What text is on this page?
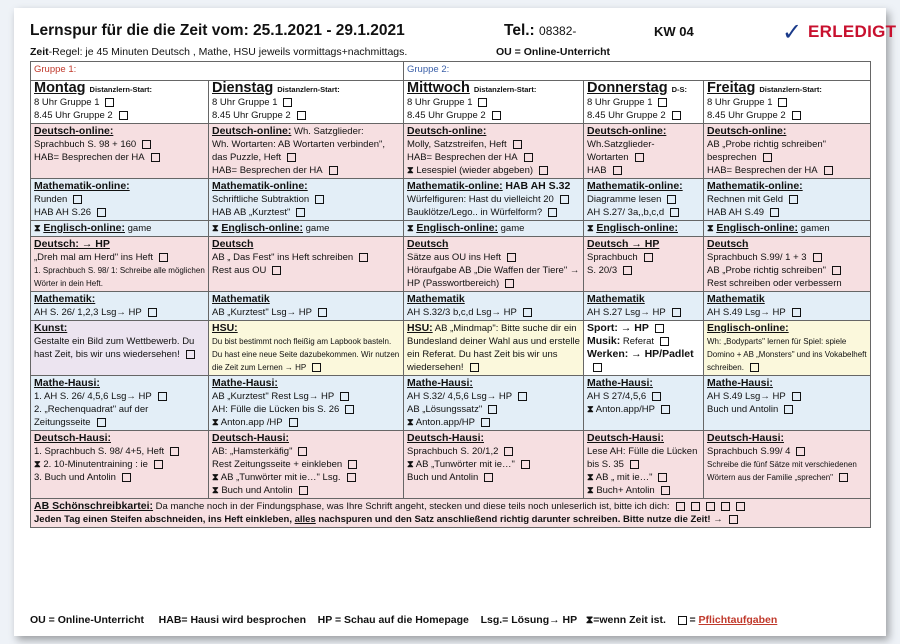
Lernspur für die die Zeit vom: 25.1.2021 - 29.1.2021	Tel.: 08382-	KW 04	✓ ERLEDIGT
Zeit-Regel: je 45 Minuten Deutsch , Mathe, HSU jeweils vormittags+nachmittags.	OU = Online-Unterricht
Gruppe 1:		Gruppe 2:		
Montag Distanzlern-Start:
8 Uhr Gruppe 1
8.45 Uhr Gruppe 2	Dienstag Distanzlern-Start:
8 Uhr Gruppe 1
8.45 Uhr Gruppe 2	Mittwoch Distanzlern-Start:
8 Uhr Gruppe 1
8.45 Uhr Gruppe 2	Donnerstag D-S:
8 Uhr Gruppe 1
8.45 Uhr Gruppe 2	Freitag Distanzlern-Start:
8 Uhr Gruppe 1
8.45 Uhr Gruppe 2
Deutsch-online:
Sprachbuch S. 98 + 160
HAB= Besprechen der HA	Deutsch-online: Wh. Satzglieder:
Wh. Wortarten: AB Wortarten verbinden", das Puzzle, Heft
HAB= Besprechen der HA	Deutsch-online:
Molly, Satzstreifen, Heft
HAB= Besprechen der HA
⧗ Lesespiel (wieder abgeben)	Deutsch-online:
Wh.Satzglieder-
Wortarten
HAB	Deutsch-online:
AB „Probe richtig schreiben"
besprechen
HAB= Besprechen der HA
Mathematik-online:
Runden
HAB AH S.26	Mathematik-online:
Schriftliche Subtraktion
HAB AB „Kurztest"	Mathematik-online: HAB AH S.32
Würfelfiguren: Hast du vielleicht 20
Bauklötze/Lego.. in Würfelform?	Mathematik-online:
Diagramme lesen
AH S.27/ 3a,,b,c,d	Mathematik-online:
Rechnen mit Geld
HAB AH S.49
⧗ Englisch-online: game	⧗ Englisch-online: game	⧗ Englisch-online: game	⧗ Englisch-online:	⧗ Englisch-online: gamen
Deutsch: → HP
„Dreh mal am Herd" ins Heft
1. Sprachbuch S. 98/ 1: Schreibe alle möglichen Wörter in dein Heft.	Deutsch
AB „ Das Fest" ins Heft schreiben
Rest aus OU	Deutsch
Sätze aus OU ins Heft
Höraufgabe AB „Die Waffen der Tiere" → HP (Passwortbereich)	Deutsch → HP
Sprachbuch
S. 20/3	Deutsch
Sprachbuch S.99/ 1 + 3
AB „Probe richtig schreiben"
Rest schreiben oder verbessern
Mathematik:
AH S. 26/ 1,2,3 Lsg→ HP	Mathematik
AB „Kurztest" Lsg→ HP	Mathematik
AH S.32/3 b,c,d Lsg→ HP	Mathematik
AH S.27 Lsg→ HP	Mathematik
AH S.49 Lsg→ HP
Kunst:
Gestalte ein Bild zum Wettbewerb. Du hast Zeit, bis wir uns wiedersehen!	HSU:
Du bist bestimmt noch fleißig am Lapbook basteln. Du hast eine neue Seite dazubekommen. Wir nutzen die Zeit zum Lernen → HP	HSU: AB „Mindmap": Bitte suche dir ein Bundesland deiner Wahl aus und erstelle ein Referat. Du hast Zeit bis wir uns wiedersehen!	Sport: → HP
Musik: Referat
Werken: → HP/Padlet	Englisch-online:
Wh: „Bodyparts" lernen für Spiel: spiele Domino + AB „Monsters" und ins Vokabelheft schreiben.
Mathe-Hausi:
1. AH S. 26/ 4,5,6 Lsg→ HP
2. „Rechenquadrat" auf der Zeitungsseite	Mathe-Hausi:
AB „Kurztest" Rest Lsg→ HP
AH: Fülle die Lücken bis S. 26
⧗ Anton.app /HP	Mathe-Hausi:
AH S.32/ 4,5,6 Lsg→ HP
AB „Lösungssatz"
⧗ Anton.app/HP	Mathe-Hausi:
AH S 27/4,5,6
⧗ Anton.app/HP	Mathe-Hausi:
AH S.49 Lsg→ HP
Buch und Antolin
Deutsch-Hausi:
1. Sprachbuch S. 98/ 4+5, Heft
⧗ 2. 10-Minutentraining : ie
3. Buch und Antolin	Deutsch-Hausi:
AB: „Hamsterkäfig"
Rest Zeitungsseite + einkleben
⧗ AB „Tunwörter mit ie…" Lsg.
⧗ Buch und Antolin	Deutsch-Hausi:
Sprachbuch S. 20/1,2
⧗ AB „Tunwörter mit ie…"
Buch und Antolin	Deutsch-Hausi:
Lese AH: Fülle die Lücken bis S. 35
⧗ AB „ mit ie…"
⧗ Buch+ Antolin	Deutsch-Hausi:
Sprachbuch S.99/ 4
Schreibe die fünf Sätze mit verschiedenen Wörtern aus der Familie „sprechen"
AB Schönschreibkartei: Da manche noch in der Findungsphase, was Ihre Schrift angeht, stecken und diese teils noch unleserlich ist, bitte ich dich:
Jeden Tag einen Steifen abschneiden, ins Heft einkleben, alles nachspuren und den Satz anschließend richtig darunter schreiben. Bitte nutze die Zeit! →				
OU = Online-Unterricht HAB= Hausi wird besprochen HP = Schau auf die Homepage Lsg.= Lösung→ HP ⧗=wenn Zeit ist. = Pflichtaufgaben
